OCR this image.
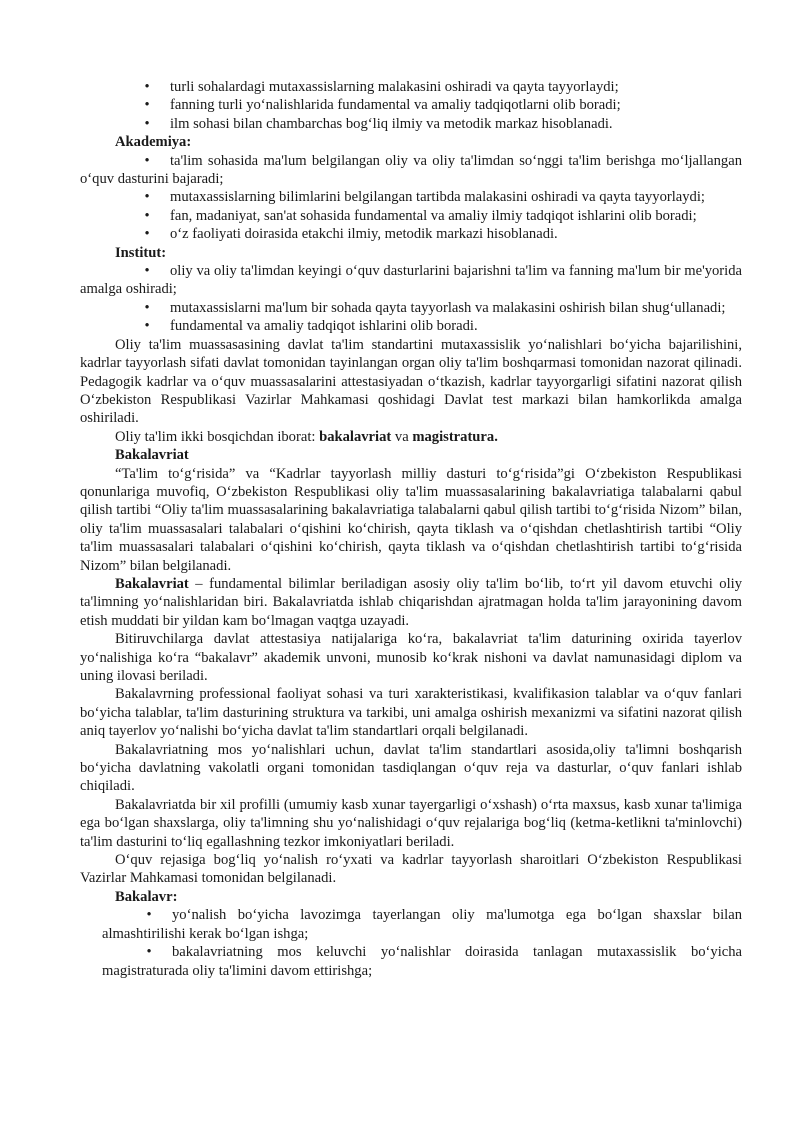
•	turli sohalardagi mutaxassislarning malakasini oshiradi va qayta tayyorlaydi;
•	fanning turli yo‘nalishlarida fundamental va amaliy tadqiqotlarni olib boradi;
•	ilm sohasi bilan chambarchas bog‘liq ilmiy va metodik markaz hisoblanadi.
Akademiya:
•	ta'lim sohasida ma'lum belgilangan oliy va oliy ta'limdan so‘nggi ta'lim berishga mo‘ljallangan o‘quv dasturini bajaradi;
•	mutaxassislarning bilimlarini belgilangan tartibda malakasini oshiradi va qayta tayyorlaydi;
•	fan, madaniyat, san'at sohasida fundamental va amaliy ilmiy tadqiqot ishlarini olib boradi;
•	o‘z faoliyati doirasida etakchi ilmiy, metodik markazi hisoblanadi.
Institut:
•	oliy va oliy ta'limdan keyingi o‘quv dasturlarini bajarishni ta'lim va fanning ma'lum bir me'yorida amalga oshiradi;
•	mutaxassislarni ma'lum bir sohada qayta tayyorlash va malakasini oshirish bilan shug‘ullanadi;
•	fundamental va amaliy tadqiqot ishlarini olib boradi.
Oliy ta'lim muassasasining davlat ta'lim standartini mutaxassislik yo‘nalishlari bo‘yicha bajarilishini, kadrlar tayyorlash sifati davlat tomonidan tayinlangan organ oliy ta'lim boshqarmasi tomonidan nazorat qilinadi. Pedagogik kadrlar va o‘quv muassasalarini attestasiyadan o‘tkazish, kadrlar tayyorgarligi sifatini nazorat qilish O‘zbekiston Respublikasi Vazirlar Mahkamasi qoshidagi Davlat test markazi bilan hamkorlikda amalga oshiriladi.
Oliy ta'lim ikki bosqichdan iborat: bakalavriat va magistratura.
Bakalavriat
“Ta'lim to‘g‘risida” va “Kadrlar tayyorlash milliy dasturi to‘g‘risida”gi O‘zbekiston Respublikasi qonunlariga muvofiq, O‘zbekiston Respublikasi oliy ta'lim muassasalarining bakalavriatiga talabalarni qabul qilish tartibi “Oliy ta'lim muassasalarining bakalavriatiga talabalarni qabul qilish tartibi to‘g‘risida Nizom” bilan, oliy ta'lim muassasalari talabalari o‘qishini ko‘chirish, qayta tiklash va o‘qishdan chetlashtirish tartibi “Oliy ta'lim muassasalari talabalari o‘qishini ko‘chirish, qayta tiklash va o‘qishdan chetlashtirish tartibi to‘g‘risida Nizom” bilan belgilanadi.
Bakalavriat – fundamental bilimlar beriladigan asosiy oliy ta'lim bo‘lib, to‘rt yil davom etuvchi oliy ta'limning yo‘nalishlaridan biri. Bakalavriatda ishlab chiqarishdan ajratmagan holda ta'lim jarayonining davom etish muddati bir yildan kam bo‘lmagan vaqtga uzayadi.
Bitiruvchilarga davlat attestasiya natijalariga ko‘ra, bakalavriat ta'lim daturining oxirida tayerlov yo‘nalishiga ko‘ra “bakalavr” akademik unvoni, munosib ko‘krak nishoni va davlat namunasidagi diplom va uning ilovasi beriladi.
Bakalavrning professional faoliyat sohasi va turi xarakteristikasi, kvalifikasion talablar va o‘quv fanlari bo‘yicha talablar, ta'lim dasturining struktura va tarkibi, uni amalga oshirish mexanizmi va sifatini nazorat qilish aniq tayerlov yo‘nalishi bo‘yicha davlat ta'lim standartlari orqali belgilanadi.
Bakalavriatning mos yo‘nalishlari uchun, davlat ta'lim standartlari asosida,oliy ta'limni boshqarish bo‘yicha davlatning vakolatli organi tomonidan tasdiqlangan o‘quv reja va dasturlar, o‘quv fanlari ishlab chiqiladi.
Bakalavriatda bir xil profilli (umumiy kasb xunar tayergarligi o‘xshash) o‘rta maxsus, kasb xunar ta'limiga ega bo‘lgan shaxslarga, oliy ta'limning shu yo‘nalishidagi o‘quv rejalariga bog‘liq (ketma-ketlikni ta'minlovchi) ta'lim dasturini to‘liq egallashning tezkor imkoniyatlari beriladi.
O‘quv rejasiga bog‘liq yo‘nalish ro‘yxati va kadrlar tayyorlash sharoitlari O‘zbekiston Respublikasi Vazirlar Mahkamasi tomonidan belgilanadi.
Bakalavr:
•	yo‘nalish bo‘yicha lavozimga tayerlangan oliy ma'lumotga ega bo‘lgan shaxslar bilan almashtirilishi kerak bo‘lgan ishga;
•	bakalavriatning mos keluvchi yo‘nalishlar doirasida tanlagan mutaxassislik bo‘yicha magistraturada oliy ta'limini davom ettirishga;
